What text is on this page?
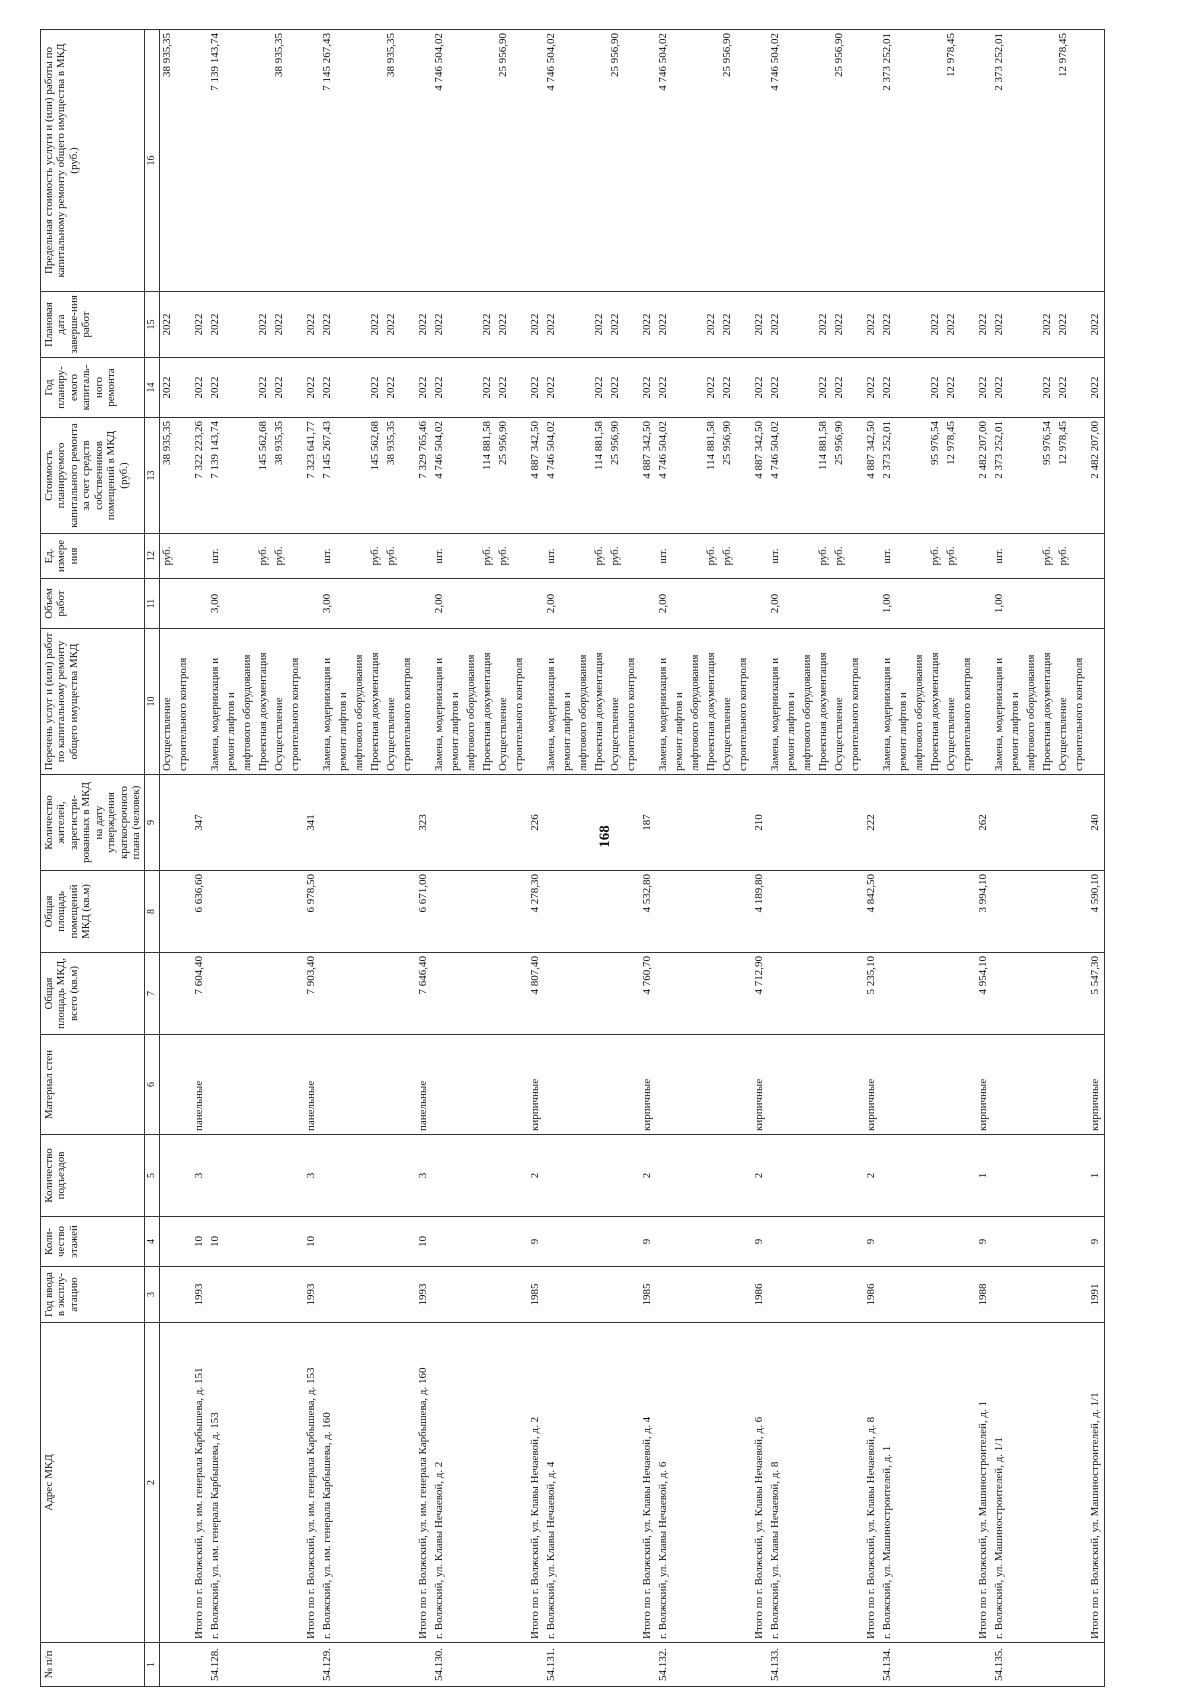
168
№ п/п	Адрес МКД	Год ввода в эксплу-атацию	Коли-чество этажей	Количество подъездов	Материал стен	Общая площадь МКД, всего (кв.м)	Общая площадь помещений МКД (кв.м)	Количество жителей, зарегистри-рованных в МКД на дату утверждения краткосрочного плана (человек)	Перечень услуг и (или) работ по капитальному ремонту общего имущества МКД	Объем работ	Ед. измере ния	Стоимость планируемого капитального ремонта за счет средств собственников помещений в МКД (руб.)	Год планиру-емого капиталь-ного ремонта	Плановая дата заверше-ния работ	Предельная стоимость услуги и (или) работы по капитальному ремонту общего имущества в МКД (руб.)
1	2	3	4	5	6	7	8	9	10	11	12	13	14	15	16
									Осуществление		руб.	38 935,35	2022	2022	38 935,35
									строительного контроля						
	Итого по г. Волжский, ул. им. генерала Карбышева, д. 151	1993	10	3	панельные	7 604,40	6 636,60	347				7 322 223,26	2022	2022	
54.128.	г. Волжский, ул. им. генерала Карбышева, д. 153		10						Замена, модернизация и	3,00	шт.	7 139 143,74	2022	2022	7 139 143,74
									ремонт лифтов и						
									лифтового оборудования						
									Проектная документация		руб.	145 562,68	2022	2022	
									Осуществление		руб.	38 935,35	2022	2022	38 935,35
									строительного контроля						
	Итого по г. Волжский, ул. им. генерала Карбышева, д. 153	1993	10	3	панельные	7 903,40	6 978,50	341				7 323 641,77	2022	2022	
54.129.	г. Волжский, ул. им. генерала Карбышева, д. 160								Замена, модернизация и	3,00	шт.	7 145 267,43	2022	2022	7 145 267,43
									ремонт лифтов и						
									лифтового оборудования						
									Проектная документация		руб.	145 562,68	2022	2022	
									Осуществление		руб.	38 935,35	2022	2022	38 935,35
									строительного контроля						
	Итого по г. Волжский, ул. им. генерала Карбышева, д. 160	1993	10	3	панельные	7 646,40	6 671,00	323				7 329 765,46	2022	2022	
54.130.	г. Волжский, ул. Клавы Нечаевой, д. 2								Замена, модернизация и	2,00	шт.	4 746 504,02	2022	2022	4 746 504,02
									ремонт лифтов и						
									лифтового оборудования						
									Проектная документация		руб.	114 881,58	2022	2022	
									Осуществление		руб.	25 956,90	2022	2022	25 956,90
									строительного контроля						
	Итого по г. Волжский, ул. Клавы Нечаевой, д. 2	1985	9	2	кирпичные	4 807,40	4 278,30	226				4 887 342,50	2022	2022	
54.131.	г. Волжский, ул. Клавы Нечаевой, д. 4								Замена, модернизация и	2,00	шт.	4 746 504,02	2022	2022	4 746 504,02
									ремонт лифтов и						
									лифтового оборудования						
									Проектная документация		руб.	114 881,58	2022	2022	
									Осуществление		руб.	25 956,90	2022	2022	25 956,90
									строительного контроля						
	Итого по г. Волжский, ул. Клавы Нечаевой, д. 4	1985	9	2	кирпичные	4 760,70	4 532,80	187				4 887 342,50	2022	2022	
54.132.	г. Волжский, ул. Клавы Нечаевой, д. 6								Замена, модернизация и	2,00	шт.	4 746 504,02	2022	2022	4 746 504,02
									ремонт лифтов и						
									лифтового оборудования						
									Проектная документация		руб.	114 881,58	2022	2022	
									Осуществление		руб.	25 956,90	2022	2022	25 956,90
									строительного контроля						
	Итого по г. Волжский, ул. Клавы Нечаевой, д. 6	1986	9	2	кирпичные	4 712,90	4 189,80	210				4 887 342,50	2022	2022	
54.133.	г. Волжский, ул. Клавы Нечаевой, д. 8								Замена, модернизация и	2,00	шт.	4 746 504,02	2022	2022	4 746 504,02
									ремонт лифтов и						
									лифтового оборудования						
									Проектная документация		руб.	114 881,58	2022	2022	
									Осуществление		руб.	25 956,90	2022	2022	25 956,90
									строительного контроля						
	Итого по г. Волжский, ул. Клавы Нечаевой, д. 8	1986	9	2	кирпичные	5 235,10	4 842,50	222				4 887 342,50	2022	2022	
54.134.	г. Волжский, ул. Машиностроителей, д. 1								Замена, модернизация и	1,00	шт.	2 373 252,01	2022	2022	2 373 252,01
									ремонт лифтов и						
									лифтового оборудования						
									Проектная документация		руб.	95 976,54	2022	2022	
									Осуществление		руб.	12 978,45	2022	2022	12 978,45
									строительного контроля						
	Итого по г. Волжский, ул. Машиностроителей, д. 1	1988	9	1	кирпичные	4 954,10	3 994,10	262				2 482 207,00	2022	2022	
54.135.	г. Волжский, ул. Машиностроителей, д. 1/1								Замена, модернизация и	1,00	шт.	2 373 252,01	2022	2022	2 373 252,01
									ремонт лифтов и						
									лифтового оборудования						
									Проектная документация		руб.	95 976,54	2022	2022	
									Осуществление		руб.	12 978,45	2022	2022	12 978,45
									строительного контроля						
	Итого по г. Волжский, ул. Машиностроителей, д. 1/1	1991	9	1	кирпичные	5 547,30	4 590,10	240				2 482 207,00	2022	2022	
